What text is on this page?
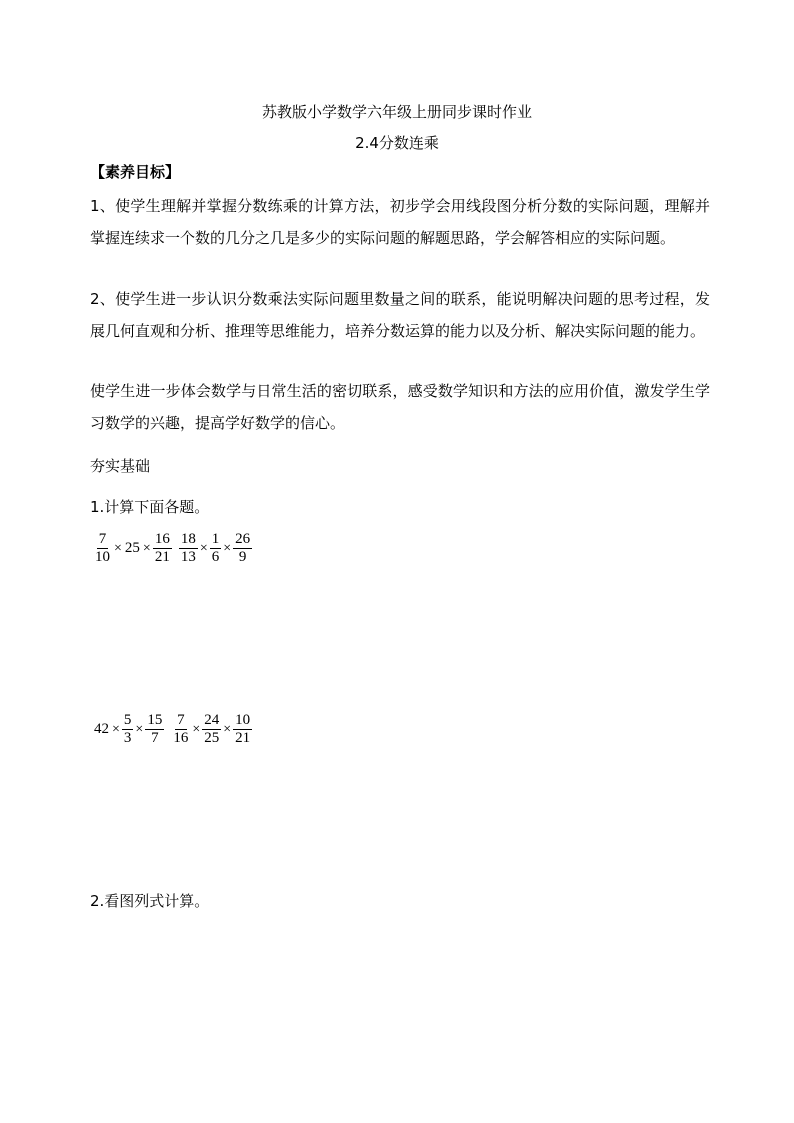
苏教版小学数学六年级上册同步课时作业
2.4分数连乘
【素养目标】
1、使学生理解并掌握分数练乘的计算方法，初步学会用线段图分析分数的实际问题，理解并掌握连续求一个数的几分之几是多少的实际问题的解题思路，学会解答相应的实际问题。
2、使学生进一步认识分数乘法实际问题里数量之间的联系，能说明解决问题的思考过程，发展几何直观和分析、推理等思维能力，培养分数运算的能力以及分析、解决实际问题的能力。
使学生进一步体会数学与日常生活的密切联系，感受数学知识和方法的应用价值，激发学生学习数学的兴趣，提高学好数学的信心。
夯实基础
1.计算下面各题。
$\frac{7}{10} \times 25 \times \frac{16}{21} \frac{18}{13} \times \frac{1}{6} \times \frac{26}{9}$
$42 \times \frac{5}{3} \times \frac{15}{7} \frac{7}{16} \times \frac{24}{25} \times \frac{10}{21}$
2.看图列式计算。
